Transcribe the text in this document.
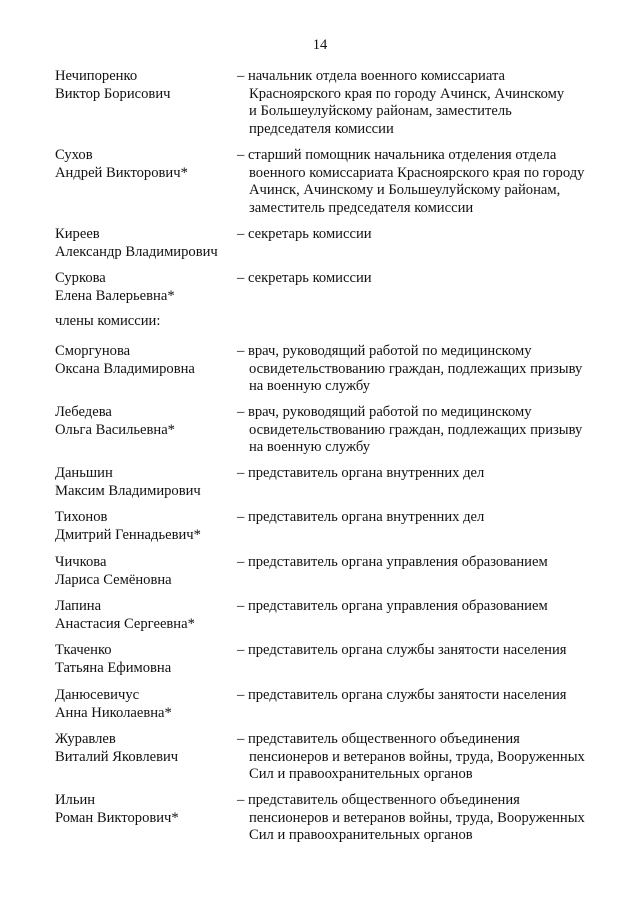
14
Нечипоренко
Виктор Борисович
– начальник отдела военного комиссариата
Красноярского края по городу Ачинск, Ачинскому
и Большеулуйскому районам, заместитель
председателя комиссии
Сухов
Андрей Викторович*
– старший помощник начальника отделения отдела
военного комиссариата Красноярского края по городу
Ачинск, Ачинскому и Большеулуйскому районам,
заместитель председателя комиссии
Киреев
Александр Владимирович
– секретарь комиссии
Суркова
Елена Валерьевна*
– секретарь комиссии
члены комиссии:
Сморгунова
Оксана Владимировна
– врач, руководящий работой по медицинскому
освидетельствованию граждан, подлежащих призыву
на военную службу
Лебедева
Ольга Васильевна*
– врач, руководящий работой по медицинскому
освидетельствованию граждан, подлежащих призыву
на военную службу
Даньшин
Максим Владимирович
– представитель органа внутренних дел
Тихонов
Дмитрий Геннадьевич*
– представитель органа внутренних дел
Чичкова
Лариса Семёновна
– представитель органа управления образованием
Лапина
Анастасия Сергеевна*
– представитель органа управления образованием
Ткаченко
Татьяна Ефимовна
– представитель органа службы занятости населения
Данюсевичус
Анна Николаевна*
– представитель органа службы занятости населения
Журавлев
Виталий Яковлевич
– представитель общественного объединения
пенсионеров и ветеранов войны, труда, Вооруженных
Сил и правоохранительных органов
Ильин
Роман Викторович*
– представитель общественного объединения
пенсионеров и ветеранов войны, труда, Вооруженных
Сил и правоохранительных органов
